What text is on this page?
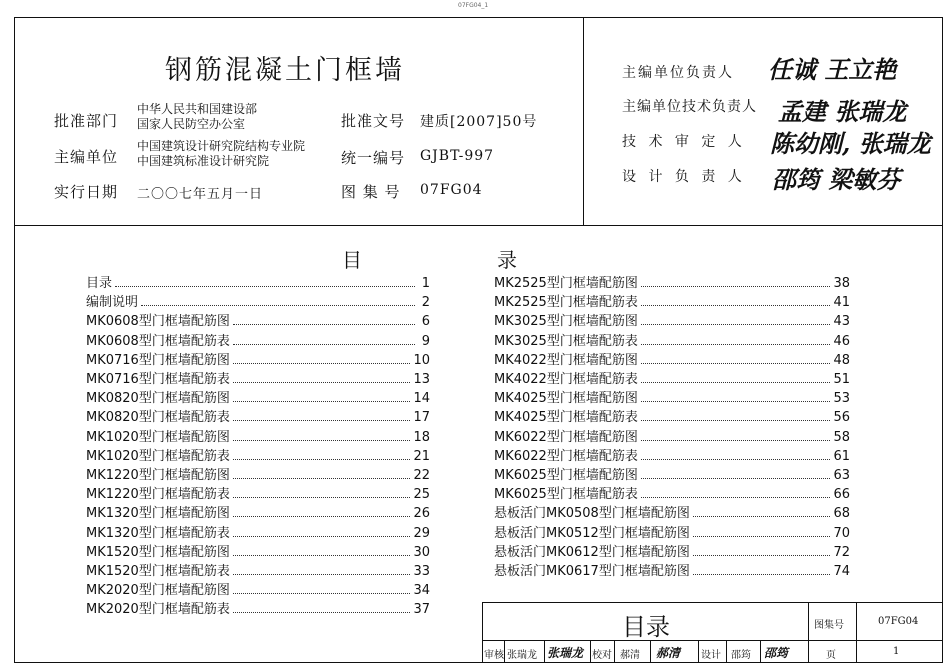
07FG04_1
钢筋混凝土门框墙
批准部门
中华人民共和国建设部
国家人民防空办公室	批准文号 建质[2007]50号
主编单位
中国建筑设计研究院结构专业院
中国建筑标准设计研究院	统一编号 GJBT-997
实行日期 二〇〇七年五月一日	图 集 号 07FG04
主编单位负责人 任诚 王立艳
主编单位技术负责人 孟建 张瑞龙
技 术 审 定 人 陈幼刚, 张瑞龙
设 计 负 责 人 邵筠 梁敏芬
目	录
目录	1
编制说明	2
MK0608型门框墙配筋图	6
MK0608型门框墙配筋表	9
MK0716型门框墙配筋图	10
MK0716型门框墙配筋表	13
MK0820型门框墙配筋图	14
MK0820型门框墙配筋表	17
MK1020型门框墙配筋图	18
MK1020型门框墙配筋表	21
MK1220型门框墙配筋图	22
MK1220型门框墙配筋表	25
MK1320型门框墙配筋图	26
MK1320型门框墙配筋表	29
MK1520型门框墙配筋图	30
MK1520型门框墙配筋表	33
MK2020型门框墙配筋图	34
MK2020型门框墙配筋表	37
MK2525型门框墙配筋图	38
MK2525型门框墙配筋表	41
MK3025型门框墙配筋图	43
MK3025型门框墙配筋表	46
MK4022型门框墙配筋图	48
MK4022型门框墙配筋表	51
MK4025型门框墙配筋图	53
MK4025型门框墙配筋表	56
MK6022型门框墙配筋图	58
MK6022型门框墙配筋表	61
MK6025型门框墙配筋图	63
MK6025型门框墙配筋表	66
悬板活门MK0508型门框墙配筋图	68
悬板活门MK0512型门框墙配筋图	70
悬板活门MK0612型门框墙配筋图	72
悬板活门MK0617型门框墙配筋图	74
目录	图集号	07FG04
审核 张瑞龙 张瑞龙 校对 郝清 郝清 设计 邵筠 邵筠	页	1
